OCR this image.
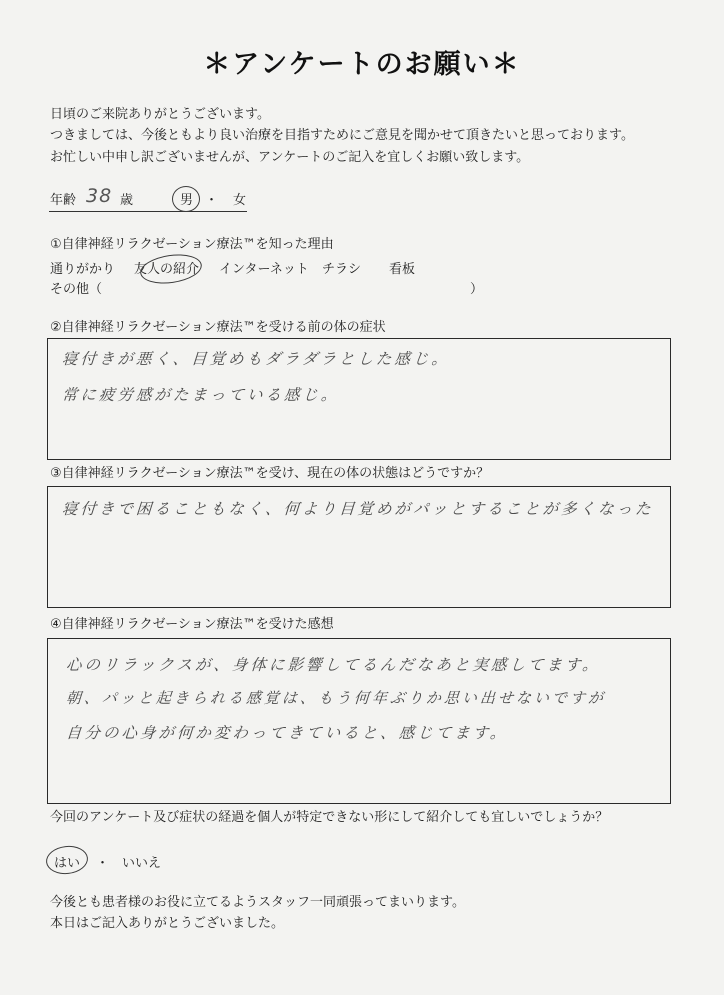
＊アンケートのお願い＊
日頃のご来院ありがとうございます。
つきましては、今後ともより良い治療を目指すためにご意見を聞かせて頂きたいと思っております。
お忙しい中申し訳ございませんが、アンケートのご記入を宜しくお願い致します。
年齢 38 歳	男 ・ 女
①自律神経リラクゼーション療法™を知った理由
通りがかり 友人の紹介 インターネット チラシ 看板
その他（	）
②自律神経リラクゼーション療法™を受ける前の体の症状
寝付きが悪く、目覚めもダラダラとした感じ。
常に疲労感がたまっている感じ。
③自律神経リラクゼーション療法™を受け、現在の体の状態はどうですか？
寝付きで困ることもなく、何より目覚めがパッとすることが多くなった
④自律神経リラクゼーション療法™を受けた感想
心のリラックスが、身体に影響してるんだなあと実感してます。
朝、パッと起きられる感覚は、もう何年ぶりか思い出せないですが
自分の心身が何か変わってきていると、感じてます。
今回のアンケート及び症状の経過を個人が特定できない形にして紹介しても宜しいでしょうか？
はい ・ いいえ
今後とも患者様のお役に立てるようスタッフ一同頑張ってまいります。
本日はご記入ありがとうございました。
